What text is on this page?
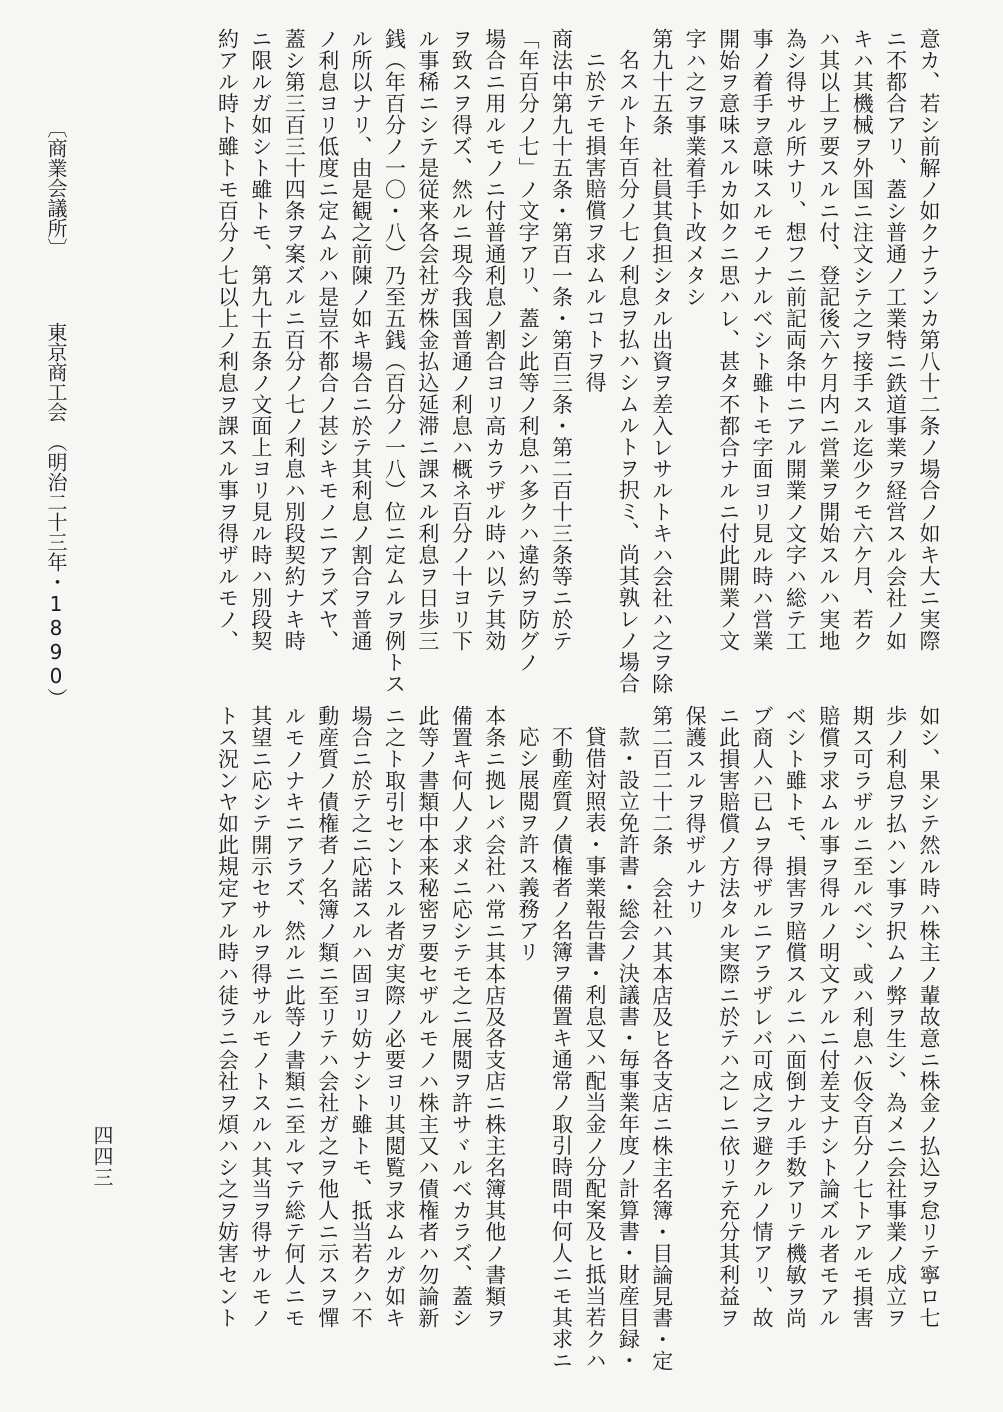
意カ、若シ前解ノ如クナランカ第八十二条ノ場合ノ如キ大ニ実際
ニ不都合アリ、蓋シ普通ノ工業特ニ鉄道事業ヲ経営スル会社ノ如
キハ其機械ヲ外国ニ注文シテ之ヲ接手スル迄少クモ六ケ月、若ク
ハ其以上ヲ要スルニ付、登記後六ケ月内ニ営業ヲ開始スルハ実地
為シ得サル所ナリ、想フニ前記両条中ニアル開業ノ文字ハ総テ工
事ノ着手ヲ意味スルモノナルベシト雖トモ字面ヨリ見ル時ハ営業
開始ヲ意味スルカ如クニ思ハレ、甚タ不都合ナルニ付此開業ノ文
字ハ之ヲ事業着手ト改メタシ
第九十五条　社員其負担シタル出資ヲ差入レサルトキハ会社ハ之ヲ除
名スルト年百分ノ七ノ利息ヲ払ハシムルトヲ択ミ、尚其孰レノ場合
ニ於テモ損害賠償ヲ求ムルコトヲ得
商法中第九十五条・第百一条・第百三条・第二百十三条等ニ於テ
「年百分ノ七」ノ文字アリ、蓋シ此等ノ利息ハ多クハ違約ヲ防グノ
場合ニ用ルモノニ付普通利息ノ割合ヨリ高カラザル時ハ以テ其効
ヲ致スヲ得ズ、然ルニ現今我国普通ノ利息ハ概ネ百分ノ十ヨリ下
ル事稀ニシテ是従来各会社ガ株金払込延滞ニ課スル利息ヲ日歩三
銭（年百分ノ一〇・八）乃至五銭（百分ノ一八）位ニ定ムルヲ例トス
ル所以ナリ、由是観之前陳ノ如キ場合ニ於テ其利息ノ割合ヲ普通
ノ利息ヨリ低度ニ定ムルハ是豈不都合ノ甚シキモノニアラズヤ、
蓋シ第三百三十四条ヲ案ズルニ百分ノ七ノ利息ハ別段契約ナキ時
ニ限ルガ如シト雖トモ、第九十五条ノ文面上ヨリ見ル時ハ別段契
約アル時ト雖トモ百分ノ七以上ノ利息ヲ課スル事ヲ得ザルモノ、
如シ、果シテ然ル時ハ株主ノ輩故意ニ株金ノ払込ヲ怠リテ寧ロ七
歩ノ利息ヲ払ハン事ヲ択ムノ弊ヲ生シ、為メニ会社事業ノ成立ヲ
期ス可ラザルニ至ルベシ、或ハ利息ハ仮令百分ノ七トアルモ損害
賠償ヲ求ムル事ヲ得ルノ明文アルニ付差支ナシト論ズル者モアル
ベシト雖トモ、損害ヲ賠償スルニハ面倒ナル手数アリテ機敏ヲ尚
ブ商人ハ已ムヲ得ザルニアラザレバ可成之ヲ避クルノ情アリ、故
ニ此損害賠償ノ方法タル実際ニ於テハ之レニ依リテ充分其利益ヲ
保護スルヲ得ザルナリ
第二百二十二条　会社ハ其本店及ヒ各支店ニ株主名簿・目論見書・定
款・設立免許書・総会ノ決議書・毎事業年度ノ計算書・財産目録・
貸借対照表・事業報告書・利息又ハ配当金ノ分配案及ヒ抵当若クハ
不動産質ノ債権者ノ名簿ヲ備置キ通常ノ取引時間中何人ニモ其求ニ
応シ展閲ヲ許ス義務アリ
本条ニ拠レバ会社ハ常ニ其本店及各支店ニ株主名簿其他ノ書類ヲ
備置キ何人ノ求メニ応シテモ之ニ展閲ヲ許サヾルベカラズ、蓋シ
此等ノ書類中本来秘密ヲ要セザルモノハ株主又ハ債権者ハ勿論新
ニ之ト取引セントスル者ガ実際ノ必要ヨリ其閲覧ヲ求ムルガ如キ
場合ニ於テ之ニ応諾スルハ固ヨリ妨ナシト雖トモ、抵当若クハ不
動産質ノ債権者ノ名簿ノ類ニ至リテハ会社ガ之ヲ他人ニ示スヲ憚
ルモノナキニアラズ、然ルニ此等ノ書類ニ至ルマテ総テ何人ニモ
其望ニ応シテ開示セサルヲ得サルモノトスルハ其当ヲ得サルモノ
トス況ンヤ如此規定アル時ハ徒ラニ会社ヲ煩ハシ之ヲ妨害セント
〔商業会議所〕 東京商工会　（明治二十三年・1890）
四四三
